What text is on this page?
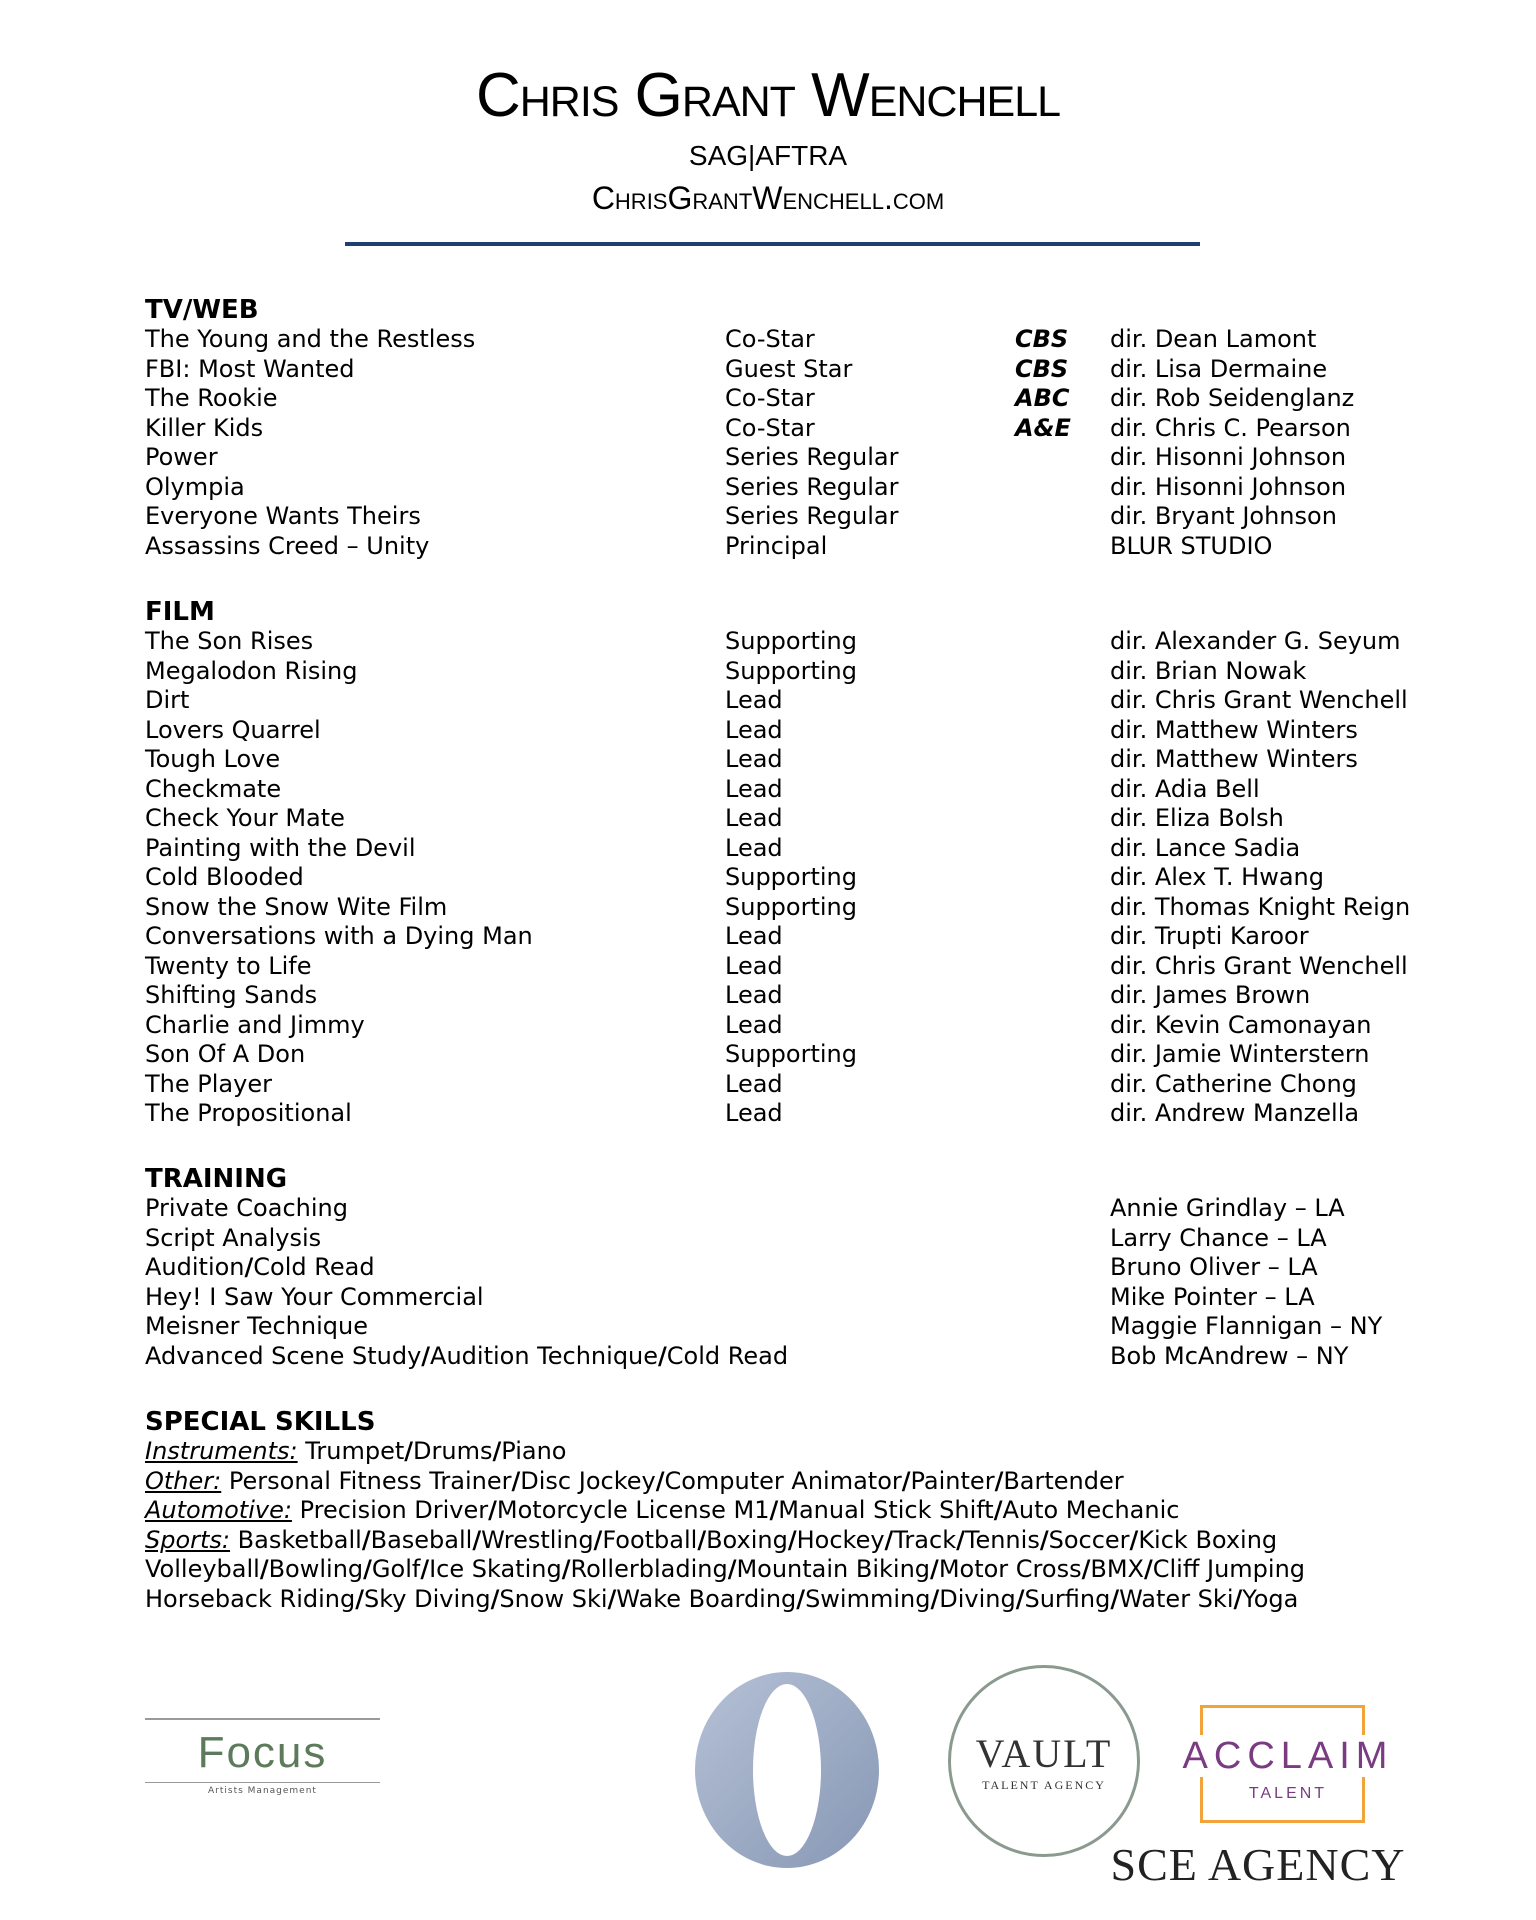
Chris Grant Wenchell
SAG|AFTRA
ChrisGrantWenchell.com
TV/WEB
The Young and the Restless	Co-Star	CBS dir. Dean Lamont
FBI: Most Wanted	Guest Star	CBS dir. Lisa Dermaine
The Rookie	Co-Star	ABC dir. Rob Seidenglanz
Killer Kids	Co-Star	A&E dir. Chris C. Pearson
Power	Series Regular	dir. Hisonni Johnson
Olympia	Series Regular	dir. Hisonni Johnson
Everyone Wants Theirs	Series Regular	dir. Bryant Johnson
Assassins Creed – Unity	Principal	BLUR STUDIO
FILM
The Son Rises	Supporting	dir. Alexander G. Seyum
Megalodon Rising	Supporting	dir. Brian Nowak
Dirt	Lead	dir. Chris Grant Wenchell
Lovers Quarrel	Lead	dir. Matthew Winters
Tough Love	Lead	dir. Matthew Winters
Checkmate	Lead	dir. Adia Bell
Check Your Mate	Lead	dir. Eliza Bolsh
Painting with the Devil	Lead	dir. Lance Sadia
Cold Blooded	Supporting	dir. Alex T. Hwang
Snow the Snow Wite Film	Supporting	dir. Thomas Knight Reign
Conversations with a Dying Man	Lead	dir. Trupti Karoor
Twenty to Life	Lead	dir. Chris Grant Wenchell
Shifting Sands	Lead	dir. James Brown
Charlie and Jimmy	Lead	dir. Kevin Camonayan
Son Of A Don	Supporting	dir. Jamie Winterstern
The Player	Lead	dir. Catherine Chong
The Propositional	Lead	dir. Andrew Manzella
TRAINING
Private Coaching	Annie Grindlay – LA
Script Analysis	Larry Chance – LA
Audition/Cold Read	Bruno Oliver – LA
Hey! I Saw Your Commercial	Mike Pointer – LA
Meisner Technique	Maggie Flannigan – NY
Advanced Scene Study/Audition Technique/Cold Read	Bob McAndrew – NY
SPECIAL SKILLS
Instruments: Trumpet/Drums/Piano
Other: Personal Fitness Trainer/Disc Jockey/Computer Animator/Painter/Bartender
Automotive: Precision Driver/Motorcycle License M1/Manual Stick Shift/Auto Mechanic
Sports: Basketball/Baseball/Wrestling/Football/Boxing/Hockey/Track/Tennis/Soccer/Kick Boxing
Volleyball/Bowling/Golf/Ice Skating/Rollerblading/Mountain Biking/Motor Cross/BMX/Cliff Jumping
Horseback Riding/Sky Diving/Snow Ski/Wake Boarding/Swimming/Diving/Surfing/Water Ski/Yoga
Focus
Artists Management
VAULT
TALENT AGENCY
ACCLAIM
TALENT
SCE AGENCY
